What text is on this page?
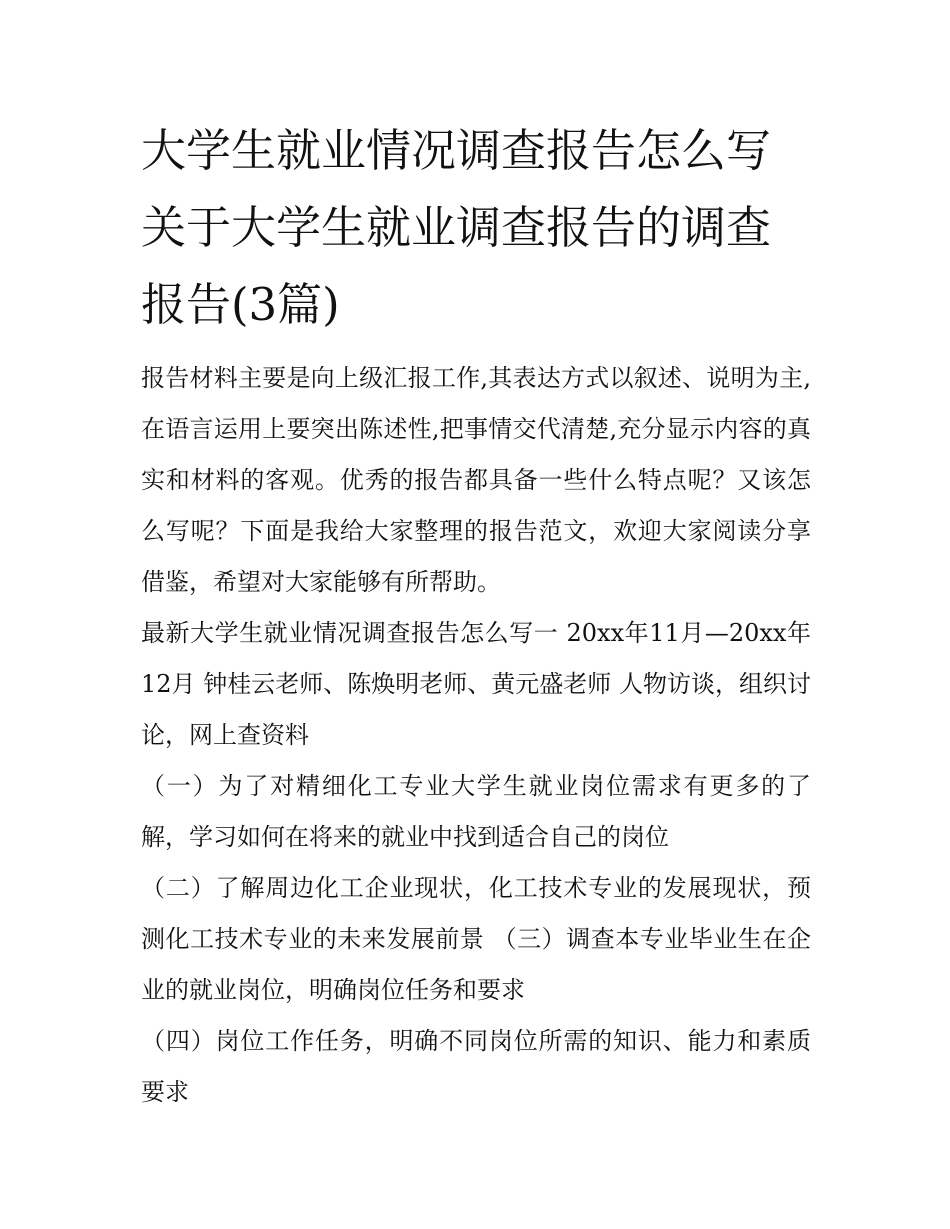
大学生就业情况调查报告怎么写 关于大学生就业调查报告的调查报告(3篇)

报告材料主要是向上级汇报工作,其表达方式以叙述、说明为主,在语言运用上要突出陈述性,把事情交代清楚,充分显示内容的真实和材料的客观。优秀的报告都具备一些什么特点呢？又该怎么写呢？下面是我给大家整理的报告范文，欢迎大家阅读分享借鉴，希望对大家能够有所帮助。

最新大学生就业情况调查报告怎么写一 20xx年11月—20xx年12月 钟桂云老师、陈焕明老师、黄元盛老师 人物访谈，组织讨论，网上查资料

（一）为了对精细化工专业大学生就业岗位需求有更多的了解，学习如何在将来的就业中找到适合自己的岗位

（二）了解周边化工企业现状，化工技术专业的发展现状，预测化工技术专业的未来发展前景 （三）调查本专业毕业生在企业的就业岗位，明确岗位任务和要求

（四）岗位工作任务，明确不同岗位所需的知识、能力和素质要求
